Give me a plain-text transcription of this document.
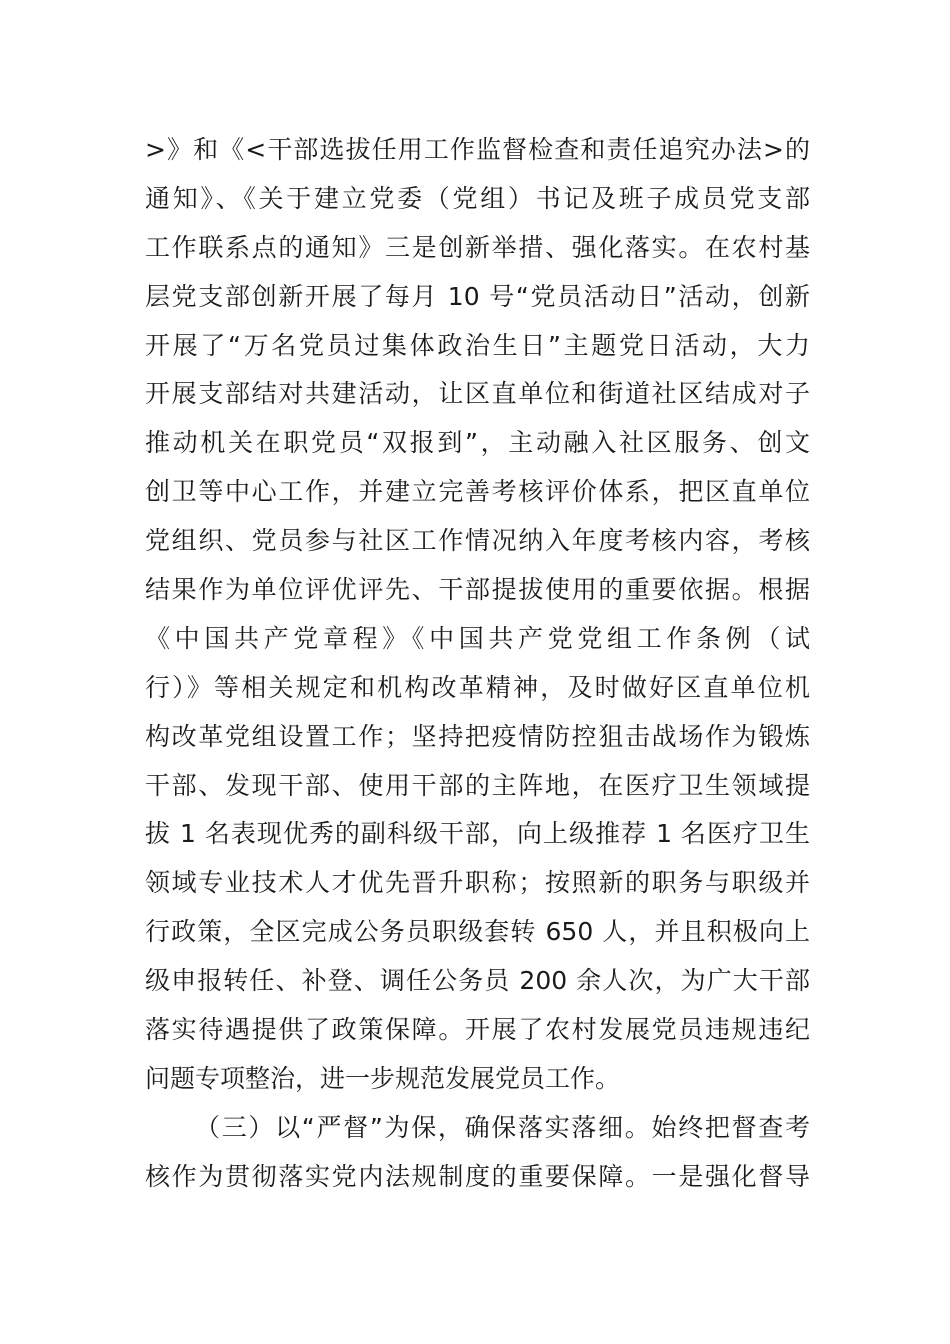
>》和《<干部选拔任用工作监督检查和责任追究办法>的
通知》、《关于建立党委（党组）书记及班子成员党支部
工作联系点的通知》三是创新举措、强化落实。在农村基
层党支部创新开展了每月 10 号“党员活动日”活动，创新
开展了“万名党员过集体政治生日”主题党日活动，大力
开展支部结对共建活动，让区直单位和街道社区结成对子
推动机关在职党员“双报到”，主动融入社区服务、创文
创卫等中心工作，并建立完善考核评价体系，把区直单位
党组织、党员参与社区工作情况纳入年度考核内容，考核
结果作为单位评优评先、干部提拔使用的重要依据。根据
《中国共产党章程》《中国共产党党组工作条例（试
行）》等相关规定和机构改革精神，及时做好区直单位机
构改革党组设置工作；坚持把疫情防控狙击战场作为锻炼
干部、发现干部、使用干部的主阵地，在医疗卫生领域提
拔 1 名表现优秀的副科级干部，向上级推荐 1 名医疗卫生
领域专业技术人才优先晋升职称；按照新的职务与职级并
行政策，全区完成公务员职级套转 650 人，并且积极向上
级申报转任、补登、调任公务员 200 余人次，为广大干部
落实待遇提供了政策保障。开展了农村发展党员违规违纪
问题专项整治，进一步规范发展党员工作。
（三）以“严督”为保，确保落实落细。始终把督查考
核作为贯彻落实党内法规制度的重要保障。一是强化督导
